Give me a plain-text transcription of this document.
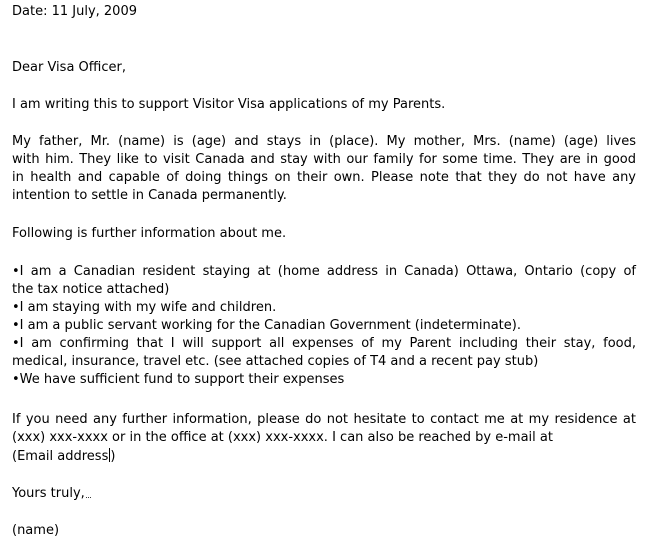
Date: 11 July, 2009
Dear Visa Officer,
I am writing this to support Visitor Visa applications of my Parents.
My father, Mr. (name) is (age) and stays in (place). My mother, Mrs. (name) (age) lives
with him. They like to visit Canada and stay with our family for some time. They are in good
in health and capable of doing things on their own. Please note that they do not have any
intention to settle in Canada permanently.
Following is further information about me.
•I am a Canadian resident staying at (home address in Canada) Ottawa, Ontario (copy of
the tax notice attached)
•I am staying with my wife and children.
•I am a public servant working for the Canadian Government (indeterminate).
•I am confirming that I will support all expenses of my Parent including their stay, food,
medical, insurance, travel etc. (see attached copies of T4 and a recent pay stub)
•We have sufficient fund to support their expenses
If you need any further information, please do not hesitate to contact me at my residence at
(xxx) xxx-xxxx or in the office at (xxx) xxx-xxxx. I can also be reached by e-mail at
(Email address )
Yours truly,
(name)
